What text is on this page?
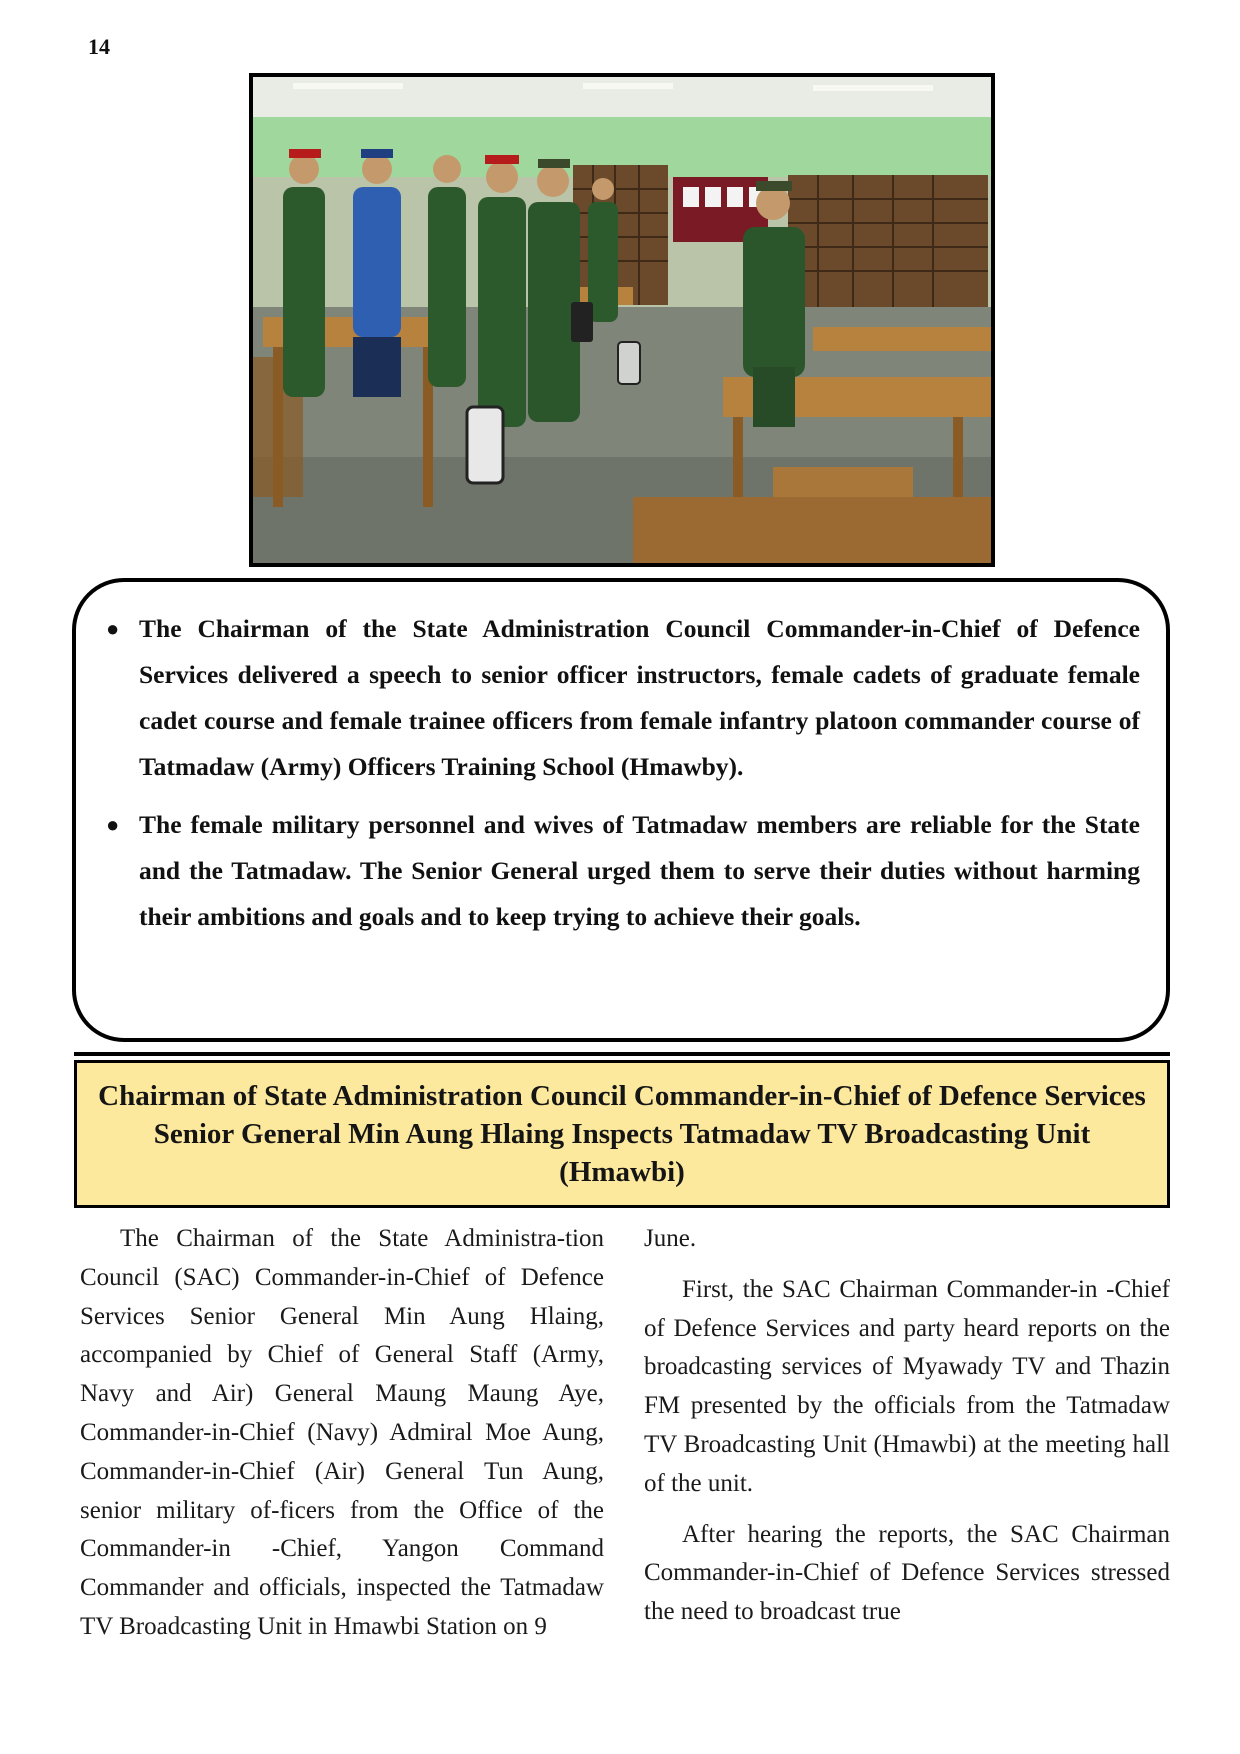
14
● The Chairman of the State Administration Council Commander-in-Chief of Defence Services delivered a speech to senior officer instructors, female cadets of graduate female cadet course and female trainee officers from female infantry platoon commander course of Tatmadaw (Army) Officers Training School (Hmawby).
● The female military personnel and wives of Tatmadaw members are reliable for the State and the Tatmadaw. The Senior General urged them to serve their duties without harming their ambitions and goals and to keep trying to achieve their goals.
Chairman of State Administration Council Commander-in-Chief of Defence Services Senior General Min Aung Hlaing Inspects Tatmadaw TV Broadcasting Unit (Hmawbi)

The Chairman of the State Administra-tion Council (SAC) Commander-in-Chief of Defence Services Senior General Min Aung Hlaing, accompanied by Chief of General Staff (Army, Navy and Air) General Maung Maung Aye, Commander-in-Chief (Navy) Admiral Moe Aung, Commander-in-Chief (Air) General Tun Aung, senior military of-ficers from the Office of the Commander-in -Chief, Yangon Command Commander and officials, inspected the Tatmadaw TV Broadcasting Unit in Hmawbi Station on 9

June.

First, the SAC Chairman Commander-in -Chief of Defence Services and party heard reports on the broadcasting services of Myawady TV and Thazin FM presented by the officials from the Tatmadaw TV Broadcasting Unit (Hmawbi) at the meeting hall of the unit.

After hearing the reports, the SAC Chairman Commander-in-Chief of Defence Services stressed the need to broadcast true
